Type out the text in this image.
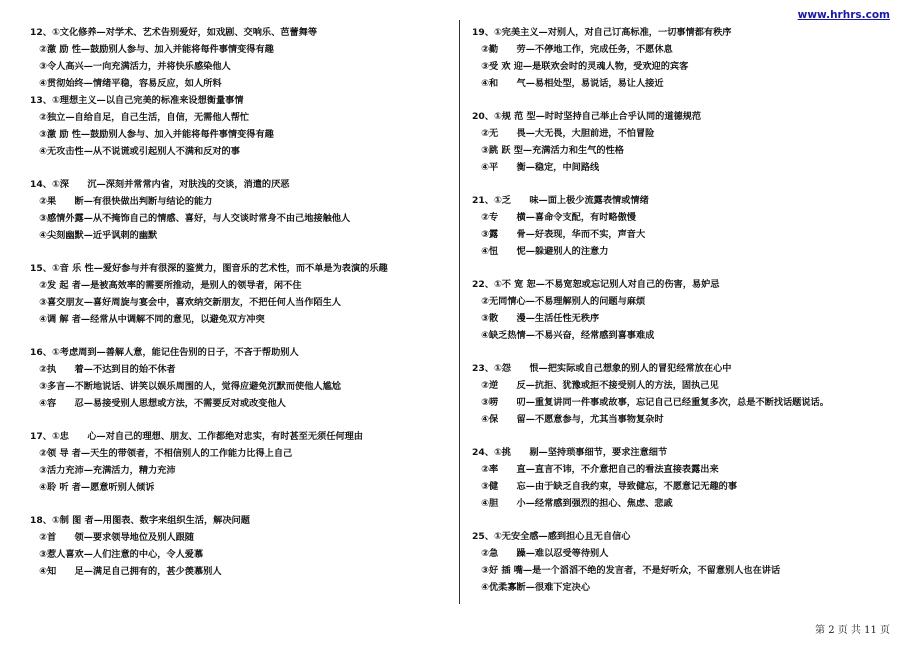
www.hrhrs.com
12、①文化修养—对学术、艺术告别爱好，如戏剧、交响乐、芭蕾舞等
　②激 励 性—鼓励别人参与、加入并能将每件事情变得有趣
　③令人高兴—一向充满活力，并将快乐感染他人
　④贯彻始终—情绪平稳，容易反应，如人所料
13、①理想主义—以自己完美的标准来设想衡量事情
　②独立—自给自足，自己生活，自信，无需他人帮忙
　③激 励 性—鼓励别人参与、加入并能将每件事情变得有趣
　④无攻击性—从不说谎或引起别人不满和反对的事
14、①深　　沉—深刻并常常内省，对肤浅的交谈，消遣的厌恶
　②果　　断—有很快做出判断与结论的能力
　③感情外露—从不掩饰自己的情感、喜好，与人交谈时常身不由己地接触他人
　④尖刻幽默—近乎讽刺的幽默
15、①音 乐 性—爱好参与并有很深的鉴赏力，图音乐的艺术性，而不单是为表演的乐趣
　②发 起 者—是被高效率的需要所推动，是别人的领导者，闲不住
　③喜交朋友—喜好周旋与宴会中，喜欢纳交新朋友，不把任何人当作陌生人
　④调 解 者—经常从中调解不同的意见，以避免双方冲突
16、①考虑周到—善解人意，能记住告别的日子，不吝于帮助别人
　②执　　着—不达到目的始不休者
　③多言—不断地说话、讲笑以娱乐周围的人，觉得应避免沉默而使他人尴尬
　④容　　忍—易接受别人思想或方法，不需要反对或改变他人
17、①忠　　心—对自己的理想、朋友、工作都绝对忠实，有时甚至无须任何理由
　②领 导 者—天生的带领者，不相信别人的工作能力比得上自己
　③活力充沛—充满活力，精力充沛
　④聆 听 者—愿意听别人倾诉
18、①制 图 者—用图表、数字来组织生活，解决问题
　②首　　领—要求领导地位及别人跟随
　③惹人喜欢—人们注意的中心，令人爱慕
　④知　　足—满足自己拥有的，甚少羡慕别人
19、①完美主义—对别人，对自己订高标准，一切事情都有秩序
　②勤　　劳—不停地工作，完成任务，不愿休息
　③受 欢 迎—是联欢会时的灵魂人物，受欢迎的宾客
　④和　　气—易相处型，易说话，易让人接近
20、①规 范 型—时时坚持自己举止合乎认同的道德规范
　②无　　畏—大无畏，大胆前进，不怕冒险
　③跳 跃 型—充满活力和生气的性格
　④平　　衡—稳定，中间路线
21、①乏　　味—面上极少流露表情或情绪
　②专　　横—喜命令支配，有时略傲慢
　③露　　骨—好表现，华而不实，声音大
　④忸　　怩—躲避别人的注意力
22、①不 宽 恕—不易宽恕或忘记别人对自己的伤害，易妒忌
　②无同情心—不易理解别人的问题与麻烦
　③散　　漫—生活任性无秩序
　④缺乏热情—不易兴奋，经常感到喜事难成
23、①怨　　恨—把实际或自己想象的别人的冒犯经常放在心中
　②逆　　反—抗拒、犹豫或拒不接受别人的方法，固执己见
　③唠　　叨—重复讲同一件事或故事，忘记自己已经重复多次，总是不断找话题说话。
　④保　　留—不愿意参与，尤其当事物复杂时
24、①挑　　剔—坚持琐事细节，要求注意细节
　②率　　直—直言不讳，不介意把自己的看法直接表露出来
　③健　　忘—由于缺乏自我约束，导致健忘，不愿意记无趣的事
　④胆　　小—经常感到强烈的担心、焦虑、悲戚
25、①无安全感—感到担心且无自信心
　②急　　躁—难以忍受等待别人
　③好 插 嘴—是一个滔滔不绝的发言者，不是好听众，不留意别人也在讲话
　④优柔寡断—很难下定决心
第 2 页 共 11 页
